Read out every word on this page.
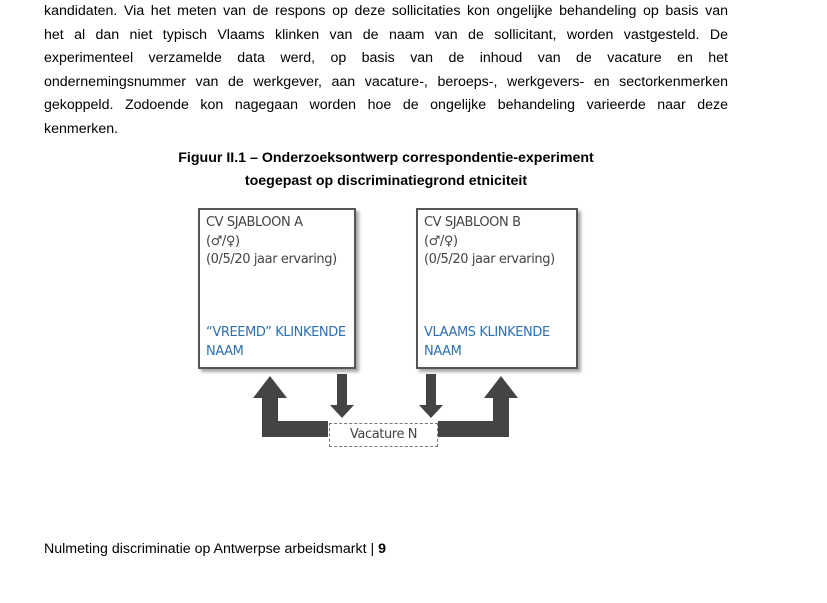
kandidaten. Via het meten van de respons op deze sollicitaties kon ongelijke behandeling op basis van
het al dan niet typisch Vlaams klinken van de naam van de sollicitant, worden vastgesteld. De
experimenteel verzamelde data werd, op basis van de inhoud van de vacature en het
ondernemingsnummer van de werkgever, aan vacature-, beroeps-, werkgevers- en sectorkenmerken
gekoppeld. Zodoende kon nagegaan worden hoe de ongelijke behandeling varieerde naar deze
kenmerken.
Figuur II.1 – Onderzoeksontwerp correspondentie-experiment
toegepast op discriminatiegrond etniciteit
CV SJABLOON A
(♂/♀)
(0/5/20 jaar ervaring)
“VREEMD” KLINKENDE
NAAM
CV SJABLOON B
(♂/♀)
(0/5/20 jaar ervaring)
VLAAMS KLINKENDE
NAAM
Vacature N
Nulmeting discriminatie op Antwerpse arbeidsmarkt | 9
